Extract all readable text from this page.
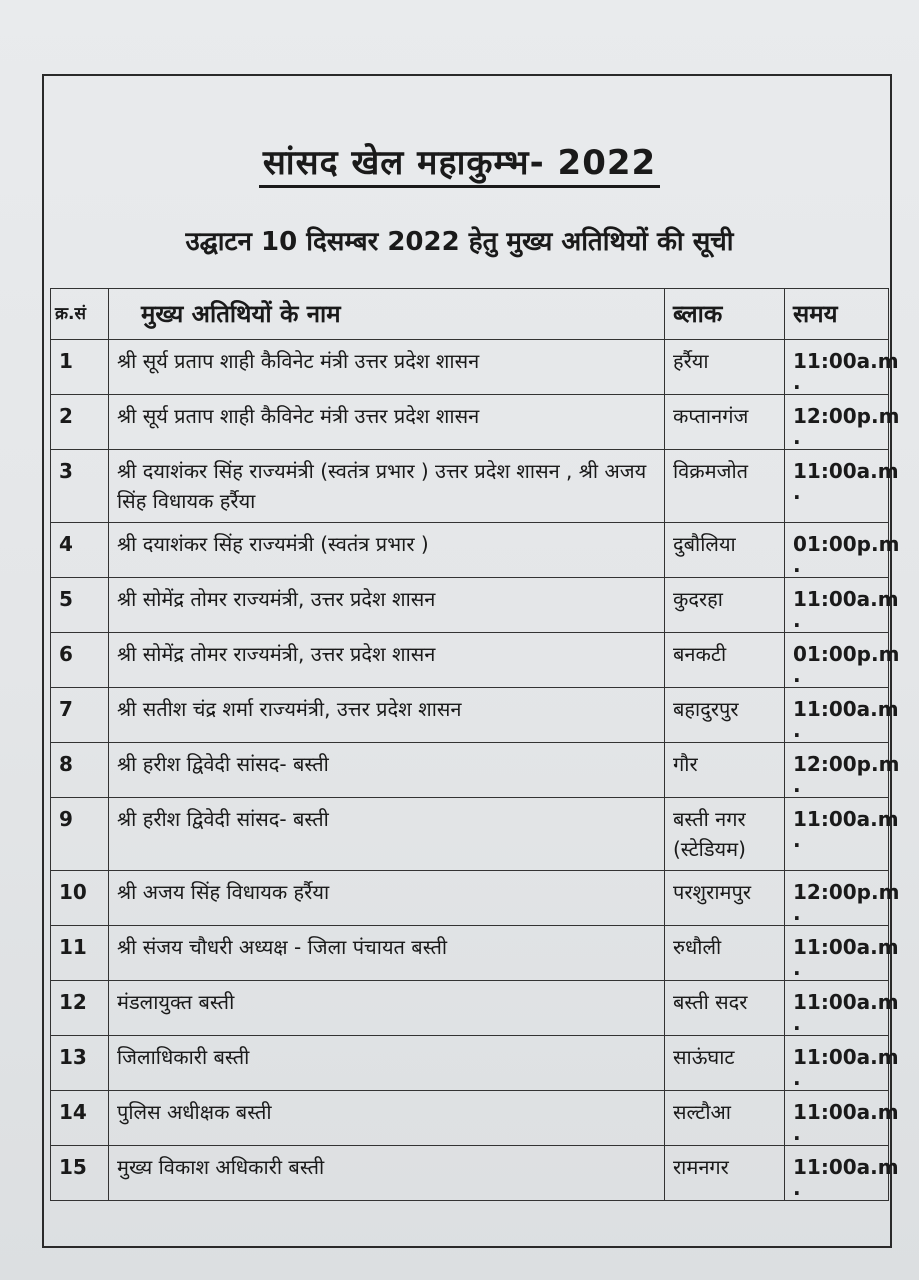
सांसद खेल महाकुम्भ- 2022
उद्घाटन 10 दिसम्बर 2022 हेतु मुख्य अतिथियों की सूची
क्र.सं	मुख्य अतिथियों के नाम	ब्लाक	समय
1	श्री सूर्य प्रताप शाही कैविनेट मंत्री उत्तर प्रदेश शासन	हर्रैया	11:00a.m
.

2	श्री सूर्य प्रताप शाही कैविनेट मंत्री उत्तर प्रदेश शासन	कप्तानगंज	12:00p.m
.

3	श्री दयाशंकर सिंह राज्यमंत्री (स्वतंत्र प्रभार ) उत्तर प्रदेश शासन , श्री अजय सिंह विधायक हर्रैया	विक्रमजोत	11:00a.m
.

4	श्री दयाशंकर सिंह राज्यमंत्री (स्वतंत्र प्रभार )	दुबौलिया	01:00p.m
.

5	श्री सोमेंद्र तोमर राज्यमंत्री, उत्तर प्रदेश शासन	कुदरहा	11:00a.m
.

6	श्री सोमेंद्र तोमर राज्यमंत्री, उत्तर प्रदेश शासन	बनकटी	01:00p.m
.

7	श्री सतीश चंद्र शर्मा राज्यमंत्री, उत्तर प्रदेश शासन	बहादुरपुर	11:00a.m
.

8	श्री हरीश द्विवेदी सांसद- बस्ती	गौर	12:00p.m
.

9	श्री हरीश द्विवेदी सांसद- बस्ती	बस्ती नगर (स्टेडियम)	11:00a.m
.

10	श्री अजय सिंह विधायक हर्रैया	परशुरामपुर	12:00p.m
.

11	श्री संजय चौधरी अध्यक्ष - जिला पंचायत बस्ती	रुधौली	11:00a.m
.

12	मंडलायुक्त बस्ती	बस्ती सदर	11:00a.m
.

13	जिलाधिकारी बस्ती	साऊंघाट	11:00a.m
.

14	पुलिस अधीक्षक बस्ती	सल्टौआ	11:00a.m
.

15	मुख्य विकाश अधिकारी बस्ती	रामनगर	11:00a.m
.
